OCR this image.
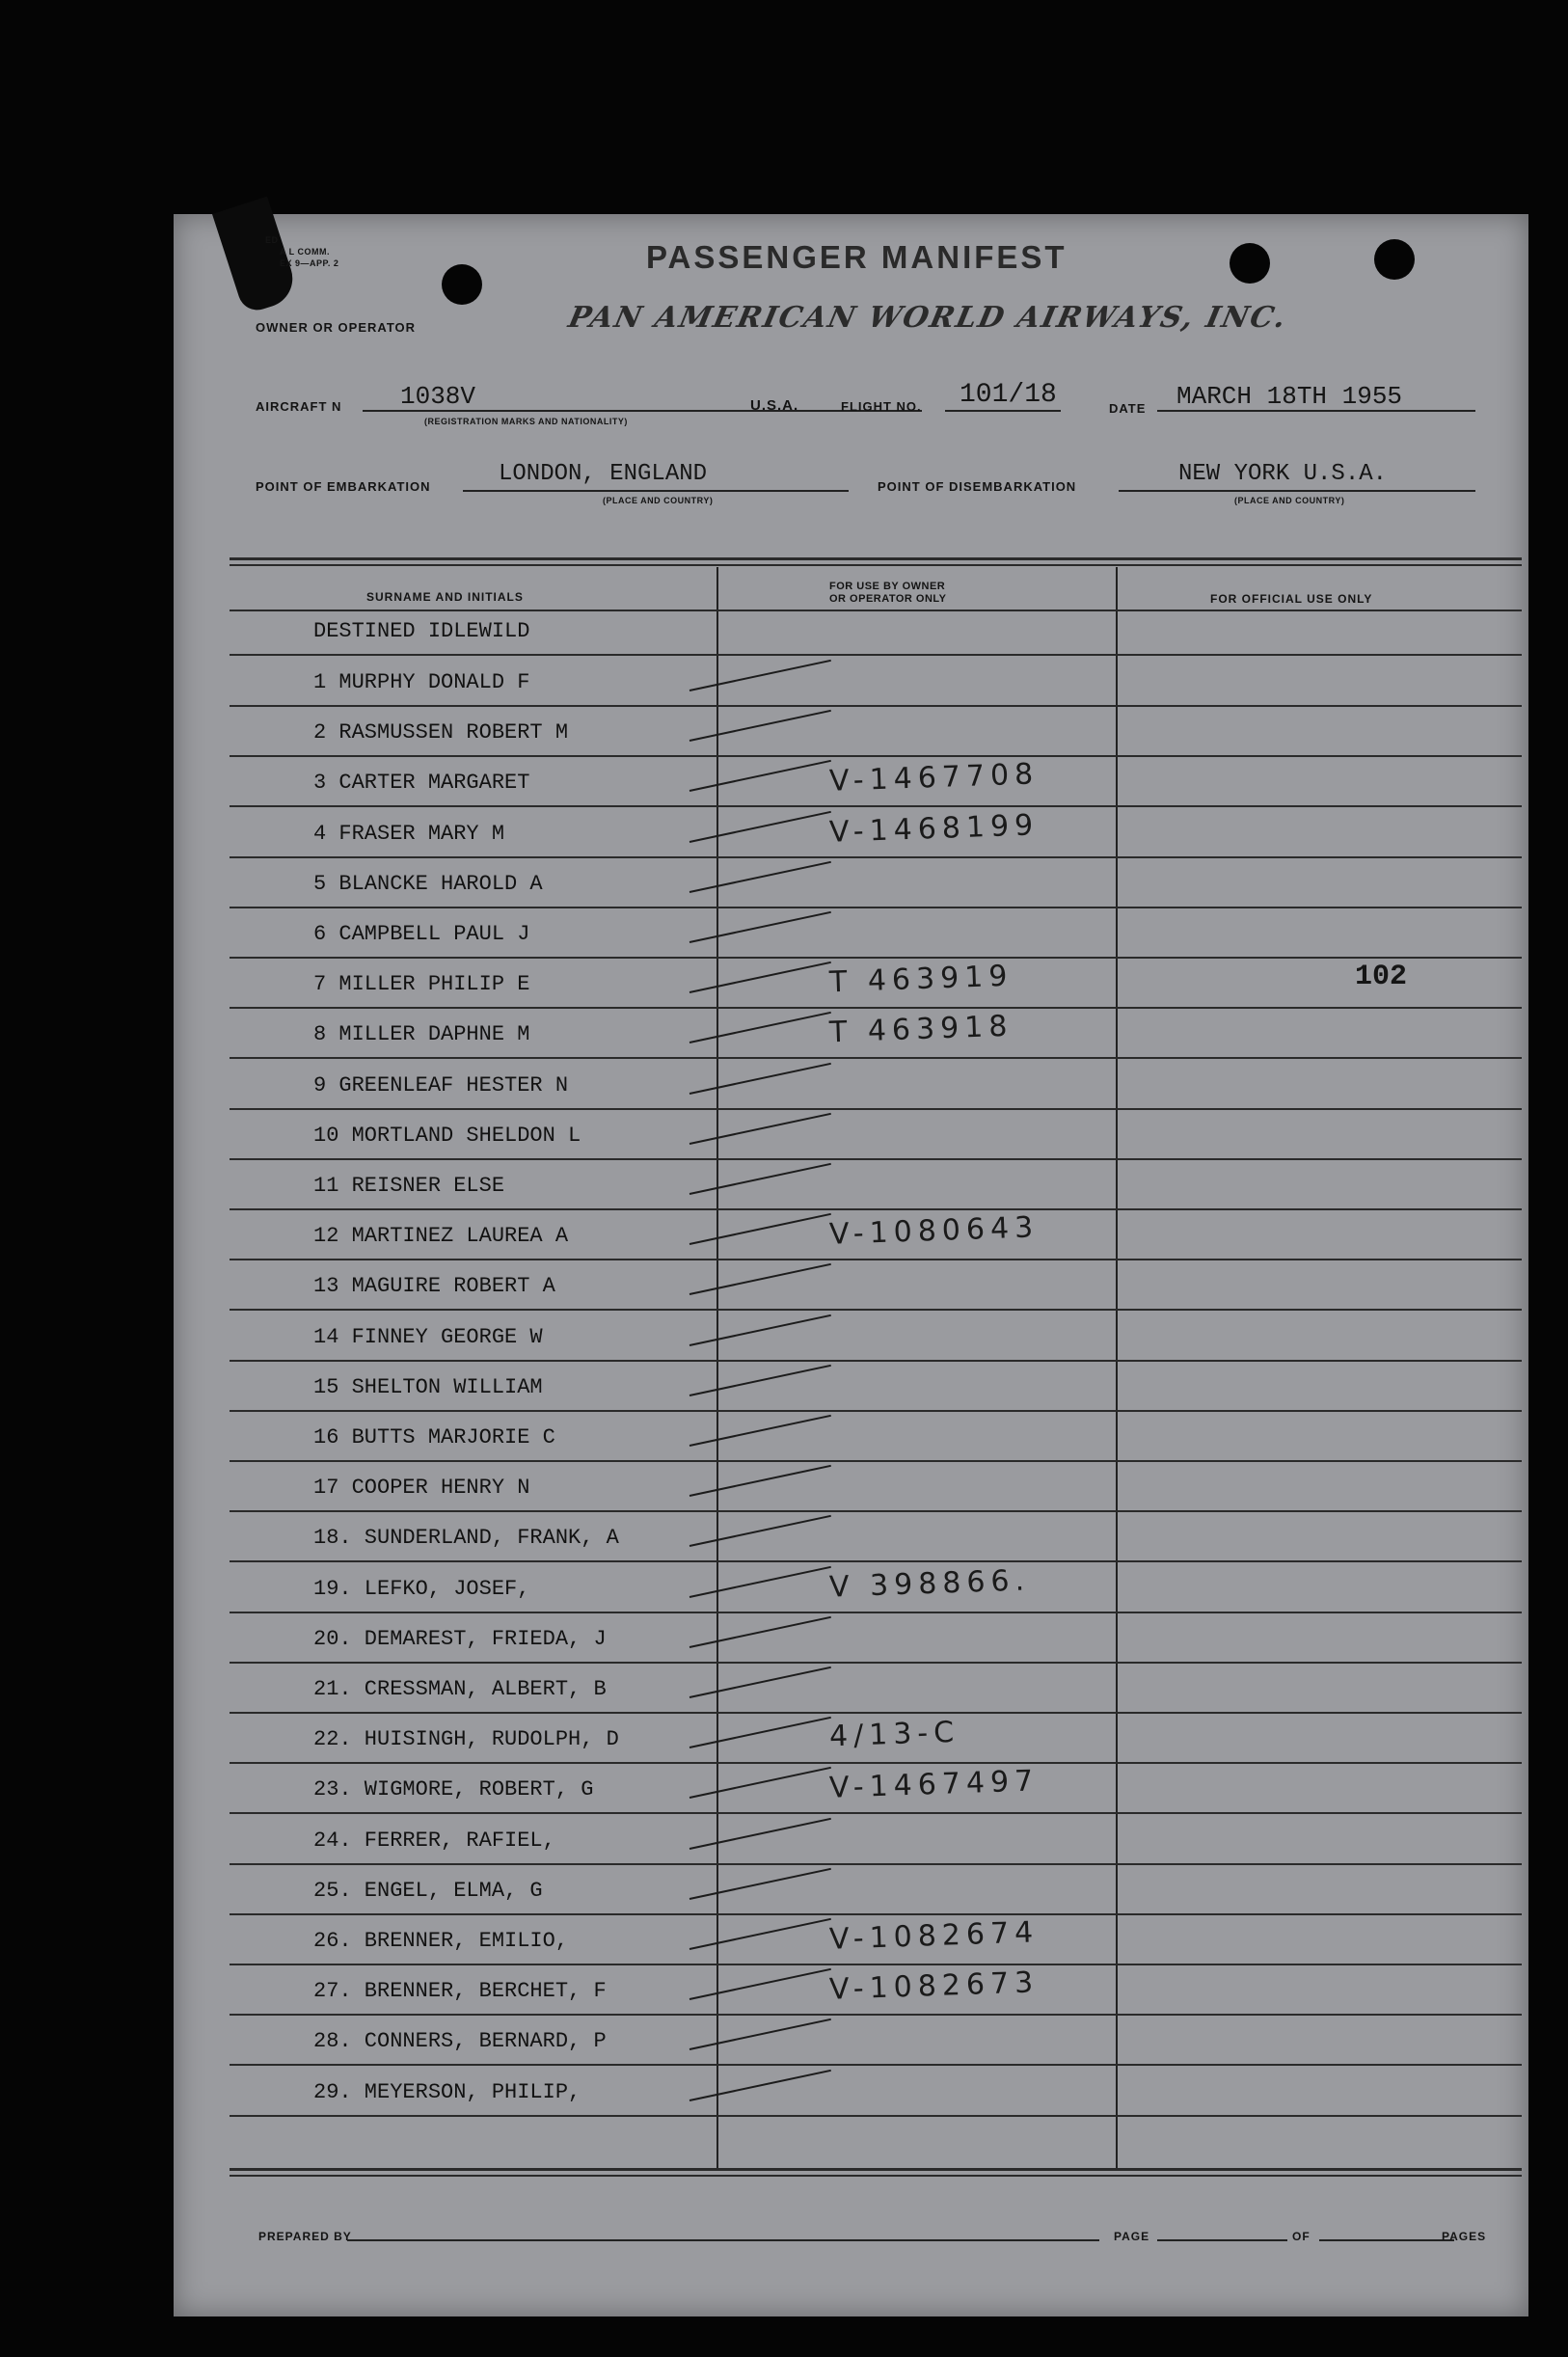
ED
A L COMM.
EX 9—APP. 2	PASSENGER MANIFEST
OWNER OR OPERATOR	PAN AMERICAN WORLD AIRWAYS, INC.
AIRCRAFT N 1038V
(REGISTRATION MARKS AND NATIONALITY)
U.S.A.	FLIGHT NO. 101/18	DATE MARCH 18TH 1955
POINT OF EMBARKATION	LONDON, ENGLAND
(PLACE AND COUNTRY)
POINT OF DISEMBARKATION	NEW YORK U.S.A.
(PLACE AND COUNTRY)
SURNAME AND INITIALS
FOR USE BY OWNER
OR OPERATOR ONLY	FOR OFFICIAL USE ONLY
DESTINED IDLEWILD
PREPARED BY	PAGE	OF	PAGES
1 MURPHY DONALD F
2 RASMUSSEN ROBERT M
3 CARTER MARGARET	V-1467708
4 FRASER MARY M	V-1468199
5 BLANCKE HAROLD A
6 CAMPBELL PAUL J
7 MILLER PHILIP E	T 463919	102
8 MILLER DAPHNE M	T 463918
9 GREENLEAF HESTER N
10 MORTLAND SHELDON L
11 REISNER ELSE
12 MARTINEZ LAUREA A	V-1080643
13 MAGUIRE ROBERT A
14 FINNEY GEORGE W
15 SHELTON WILLIAM
16 BUTTS MARJORIE C
17 COOPER HENRY N
18. SUNDERLAND, FRANK, A
19. LEFKO, JOSEF,	V 398866.
20. DEMAREST, FRIEDA, J
21. CRESSMAN, ALBERT, B
22. HUISINGH, RUDOLPH, D	4/13-C
23. WIGMORE, ROBERT, G	V-1467497
24. FERRER, RAFIEL,
25. ENGEL, ELMA, G
26. BRENNER, EMILIO,	V-1082674
27. BRENNER, BERCHET, F	V-1082673
28. CONNERS, BERNARD, P
29. MEYERSON, PHILIP,
